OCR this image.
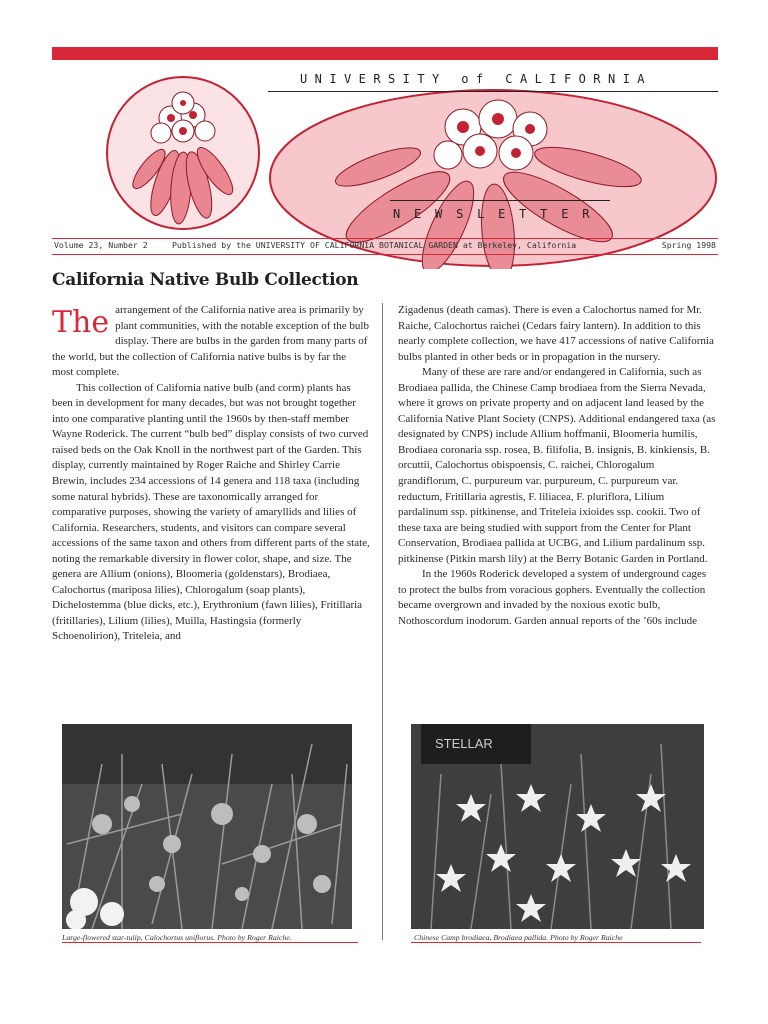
UNIVERSITY of CALIFORNIA
NEWSLETTER
Volume 23, Number 2	Published by the UNIVERSITY OF CALIFORNIA BOTANICAL GARDEN at Berkeley, California	Spring 1998
California Native Bulb Collection

The arrangement of the California native area is primarily by plant communities, with the notable exception of the bulb display. There are bulbs in the garden from many parts of the world, but the collection of California native bulbs is by far the most complete.

This collection of California native bulb (and corm) plants has been in development for many decades, but was not brought together into one comparative planting until the 1960s by then-staff member Wayne Roderick. The current “bulb bed” display consists of two curved raised beds on the Oak Knoll in the northwest part of the Garden. This display, currently maintained by Roger Raiche and Shirley Carrie Brewin, includes 234 accessions of 14 genera and 118 taxa (including some natural hybrids). These are taxonomically arranged for comparative purposes, showing the variety of amaryllids and lilies of California. Researchers, students, and visitors can compare several accessions of the same taxon and others from different parts of the state, noting the remarkable diversity in flower color, shape, and size. The genera are Allium (onions), Bloomeria (goldenstars), Brodiaea, Calochortus (mariposa lilies), Chlorogalum (soap plants), Dichelostemma (blue dicks, etc.), Erythronium (fawn lilies), Fritillaria (fritillaries), Lilium (lilies), Muilla, Hastingsia (formerly Schoenolirion), Triteleia, and

Zigadenus (death camas). There is even a Calochortus named for Mr. Raiche, Calochortus raichei (Cedars fairy lantern). In addition to this nearly complete collection, we have 417 accessions of native California bulbs planted in other beds or in propagation in the nursery.

Many of these are rare and/or endangered in California, such as Brodiaea pallida, the Chinese Camp brodiaea from the Sierra Nevada, where it grows on private property and on adjacent land leased by the California Native Plant Society (CNPS). Additional endangered taxa (as designated by CNPS) include Allium hoffmanii, Bloomeria humilis, Brodiaea coronaria ssp. rosea, B. filifolia, B. insignis, B. kinkiensis, B. orcuttii, Calochortus obispoensis, C. raichei, Chlorogalum grandiflorum, C. purpureum var. purpureum, C. purpureum var. reductum, Fritillaria agrestis, F. liliacea, F. pluriflora, Lilium pardalinum ssp. pitkinense, and Triteleia ixioides ssp. cookii. Two of these taxa are being studied with support from the Center for Plant Conservation, Brodiaea pallida at UCBG, and Lilium pardalinum ssp. pitkinense (Pitkin marsh lily) at the Berry Botanic Garden in Portland.

In the 1960s Roderick developed a system of underground cages to protect the bulbs from voracious gophers. Eventually the collection became overgrown and invaded by the noxious exotic bulb, Nothoscordum inodorum. Garden annual reports of the ’60s include

Large-flowered star-tulip, Calochortus uniflorus. Photo by Roger Raiche.
STELLAR
Chinese Camp brodiaea, Brodiaea pallida. Photo by Roger Raiche
